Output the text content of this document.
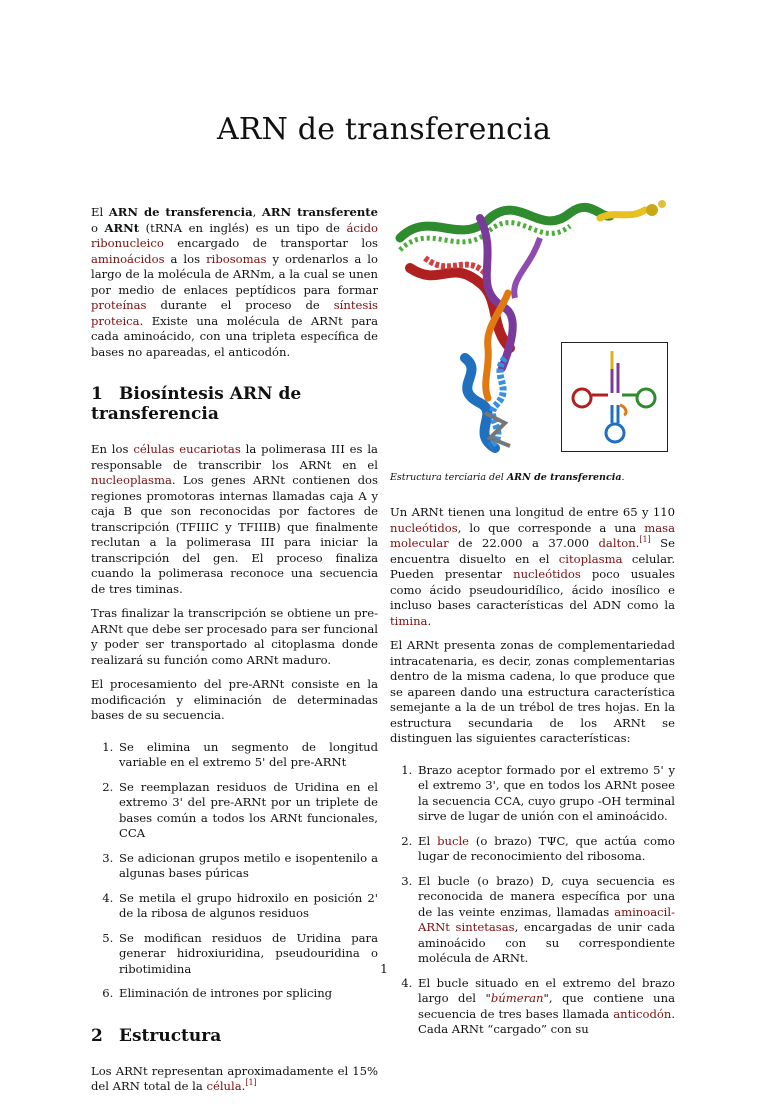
ARN de transferencia

El ARN de transferencia, ARN transferente o ARNt (tRNA en inglés) es un tipo de ácido ribonucleico encargado de transportar los aminoácidos a los ribosomas y ordenarlos a lo largo de la molécula de ARNm, a la cual se unen por medio de enlaces peptídicos para formar proteínas durante el proceso de síntesis proteica. Existe una molécula de ARNt para cada aminoácido, con una tripleta específica de bases no apareadas, el anticodón.

1 Biosíntesis ARN de transferencia

En los células eucariotas la polimerasa III es la responsable de transcribir los ARNt en el nucleoplasma. Los genes ARNt contienen dos regiones promotoras internas llamadas caja A y caja B que son reconocidas por factores de transcripción (TFIIIC y TFIIIB) que finalmente reclutan a la polimerasa III para iniciar la transcripción del gen. El proceso finaliza cuando la polimerasa reconoce una secuencia de tres timinas.

Tras finalizar la transcripción se obtiene un pre-ARNt que debe ser procesado para ser funcional y poder ser transportado al citoplasma donde realizará su función como ARNt maduro.

El procesamiento del pre-ARNt consiste en la modificación y eliminación de determinadas bases de su secuencia.

1. Se elimina un segmento de longitud variable en el extremo 5' del pre-ARNt
2. Se reemplazan residuos de Uridina en el extremo 3' del pre-ARNt por un triplete de bases común a todos los ARNt funcionales, CCA
3. Se adicionan grupos metilo e isopentenilo a algunas bases púricas
4. Se metila el grupo hidroxilo en posición 2' de la ribosa de algunos residuos
5. Se modifican residuos de Uridina para generar hidroxiuridina, pseudouridina o ribotimidina
6. Eliminación de intrones por splicing
2 Estructura

Los ARNt representan aproximadamente el 15% del ARN total de la célula.[1]

Estructura terciaria del ARN de transferencia.

Un ARNt tienen una longitud de entre 65 y 110 nucleótidos, lo que corresponde a una masa molecular de 22.000 a 37.000 dalton.[1] Se encuentra disuelto en el citoplasma celular. Pueden presentar nucleótidos poco usuales como ácido pseudouridílico, ácido inosílico e incluso bases características del ADN como la timina.

El ARNt presenta zonas de complementariedad intracatenaria, es decir, zonas complementarias dentro de la misma cadena, lo que produce que se apareen dando una estructura característica semejante a la de un trébol de tres hojas. En la estructura secundaria de los ARNt se distinguen las siguientes características:

1. Brazo aceptor formado por el extremo 5' y el extremo 3', que en todos los ARNt posee la secuencia CCA, cuyo grupo -OH terminal sirve de lugar de unión con el aminoácido.
2. El bucle (o brazo) TΨC, que actúa como lugar de reconocimiento del ribosoma.
3. El bucle (o brazo) D, cuya secuencia es reconocida de manera específica por una de las veinte enzimas, llamadas aminoacil-ARNt sintetasas, encargadas de unir cada aminoácido con su correspondiente molécula de ARNt.
4. El bucle situado en el extremo del brazo largo del "búmeran", que contiene una secuencia de tres bases llamada anticodón. Cada ARNt “cargado” con su
1
